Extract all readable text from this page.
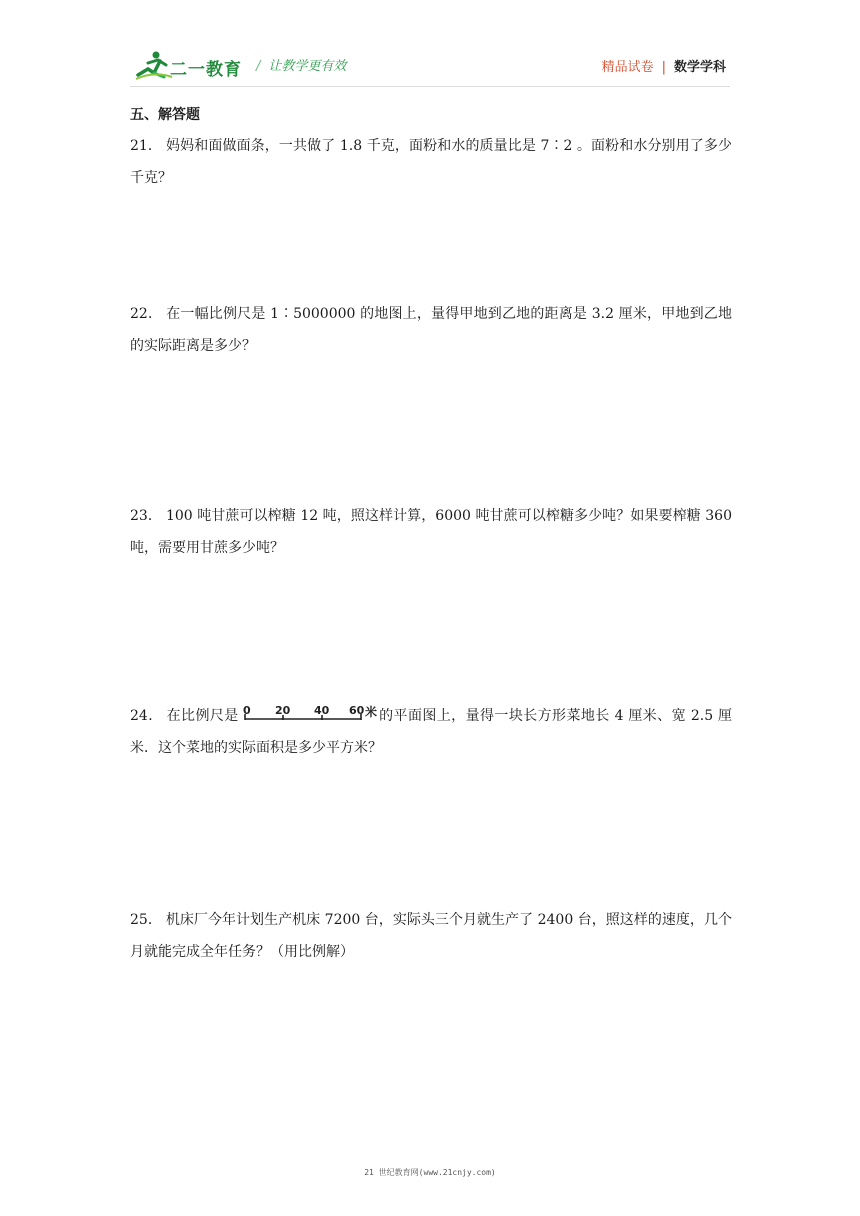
二一教育 / 让教学更有效	精品试卷 | 数学学科

五、解答题

21． 妈妈和面做面条，一共做了 1.8 千克，面粉和水的质量比是 7∶2 。面粉和水分别用了多少千克？

22． 在一幅比例尺是 1∶5000000 的地图上，量得甲地到乙地的距离是 3.2 厘米，甲地到乙地的实际距离是多少？

23． 100 吨甘蔗可以榨糖 12 吨，照这样计算，6000 吨甘蔗可以榨糖多少吨？如果要榨糖 360 吨，需要用甘蔗多少吨？

24． 在比例尺是 0 20 40 60 米 的平面图上，量得一块长方形菜地长 4 厘米、宽 2.5 厘米．这个菜地的实际面积是多少平方米？

25． 机床厂今年计划生产机床 7200 台，实际头三个月就生产了 2400 台，照这样的速度，几个月就能完成全年任务？（用比例解）

21 世纪教育网(www.21cnjy.com)
